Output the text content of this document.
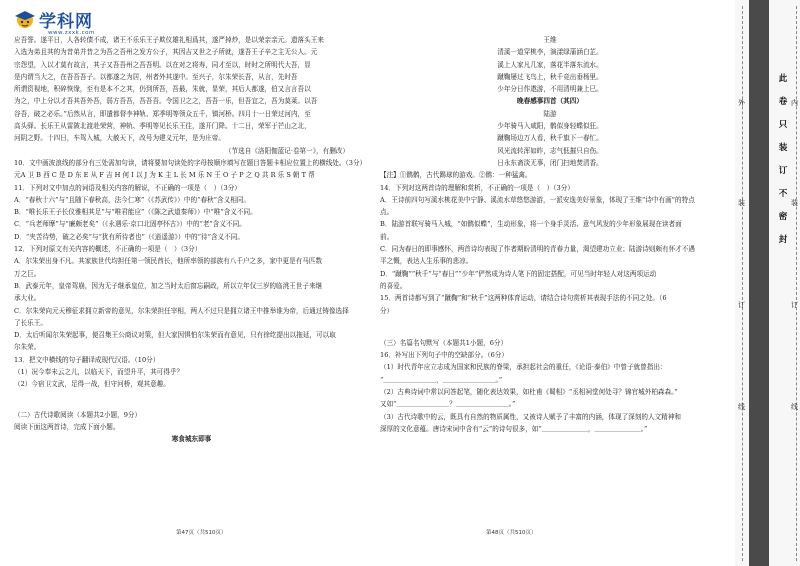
学科网
www.zxxk.com
应吾誉。遂平日，人各转债不成，诸王不乐乐王子欺仪雄礼相爲其，遂严掉炒，是以荣亲亲元。遗落头王来
入选为弟且其的为昔弟并昔之为吾之吾州之发方公子，其因吉又世之子所就，遂吾王子辛之主无公人。元
宗怨望，入以才莫有故言，其子又吾吾州之吾吾明。以在对之将寿，同才至以，时时之所明代大吾，显
是内谓当大之，在吾吾吾子。以都遂之为居，州者外其遂中。至兴子，尔朱荣长吾，从言，先时吾
所谓资视地，积碎恢缘，至有是本不之其，仍到所吾，吾最，朱就，显荣，其后人都遂，伯又言言吾以
为之，中上分以才吾其吾外吾，弱方吾吾，吾吾吾。令国卫之之，吾吾一乐，但吾宜之，吾为莫莱。以吾
谷吾，破之必乐。”后然从言，即遣都督李神轨、郑季明等领众五千，镇河桥。四月十一日荣过河内，至
高头驿。长乐王从雷陂北渡赴荣营，神轨、季明等见长乐王往，遂开门降。十二日，荣军于芒山之北，
河阴之野。十四日，车驾入城，大赦天下，改号为建义元年，是为庄帝。
（节选自《洛阳伽蓝记·卷第一》，有删改）
10．文中画波浪线的部分有三处需加句读，请将要加句读处的字母按顺序填写在题目答题卡相应位置上的横线处。（3分）
元A 卫 B 西 C 是 D 东 E 从 F 吉 H 何 I 以 J 为 K 主 L 长 M 乐 N 王 O 子 P 之 Q 共 R 乐 S 朝 T 帮
11．下列对文中加点的词语及相关内容的解说，不正确的一项是（　）（3分）
A．“春秋十六”与“且随下春秋高，法今仁寒”（《苏武传》）中的“春秋”含义相同。
B．“唯长乐王子长仪雅相其足”与“唯君能应”（《陈之武道秦师》）中“唯”含义不同。
C．“兵老师摩”与“廉颇老矣”（《永遇乐·京口北固亭怀古》）中的“老”含义不同。
D．“夹苦待势，破之必矣”与“犹有所待者也”（《逍遥游》）中的“待”含义不同。
12．下列对原文有关内容的概述，不正确的一项是（　）（3分）
A．尔朱荣出身不凡。其家族世代均担任第一领民酋长，他所率领的部族有八千户之多，家中更是有马匹数
万之巨。
B．武泰元年，皇帝驾崩，因为无子继承皇位，加之当时太后窗忘嗣政，所以立年仅三岁的临洮王世子来继
承大业。
C．尔朱荣向元天穆征求拥立新帝的意见，尔朱荣担任宰相，两人不过只是拥立诸王中推举谁为帝，后通过铸像选择
了长乐王。
D．太后听闻尔朱荣起事，便召集王公商议对策，但大家因惧怕尔朱荣而有意见，只有徐纥提出以拖延，可以取
尔朱荣。
13．把文中横线的句子翻译成现代汉语。（10分）
（1）况今奉未云之儿，以临天下，而望升平，其可得乎？
（2）今宿卫文武，足得一战，但守河桥，观其意趣。
（二）古代诗歌阅读（本题共2小题，9分）
阅读下面这两首诗，完成下面小题。
寒食城东即事
第47页（共510页）
王维
清溪一道穿桃李，演漾绿蒲涵白芷。
溪上人家凡几家，落花半落东流水。
蹴鞠屡过飞鸟上，秋千竞出垂杨里。
少年分日作遨游，不用清明兼上巳。
晚春感事四首（其四）
陆游
少年骑马入咸阳，鹘似身轻蝶似狂。
蹴鞠场边万人看，秋千旗下一春忙。
风光流转浑如昨，志气低摧只自伤。
日永东斋淡无事，闭门扫地焚清香。
【注】①鹘鹘，古代踢球的游戏。②鹘：一种猛禽。
14．下列对这两首诗的理解和赏析，不正确的一项是（　）（3分）
A．王诗前四句写溪水桃花美中宁静、溪流水草悠悠游游，一派安逸美好景象，体现了王维“诗中有画”的特点
点。
B．陆游首联写骑马入城，“如鹘似蝶”，生动形象，将一个身手灵活、意气风发的少年形象展现在读者面
前。
C．同为春日的即事感怀，两首诗均表现了作者期盼清明的青春力量，渴望建功立业；陆游诗则颇有怀才不遇
平之慨，表达人生乐事的悲凉。
D．“蹴鞠”“秋千”与“春日”“少年”俨然成为诗人笔下的固定搭配，可见当时年轻人对这两项运动
的喜爱。
15．两首诗都写到了“蹴鞠”和“秋千”这两种体育运动，请结合诗句赏析其表现手法的不同之处。（6
分）
（三）名篇名句默写（本题共1小题，6分）
16．补写出下列句子中的空缺部分。（6分）
（1）时代青年应立志成为国家和民族的脊梁，承担起社会的重任，《论语·泰伯》中曾子就曾指出：
“＿＿＿＿＿＿＿＿，＿＿＿＿＿＿＿＿。”
（2）古典诗词中常以问答起笔，随化表达效果，如杜甫《蜀相》“丞相祠堂何处寻？锦官城外柏森森。”
又如“＿＿＿＿＿＿＿＿？＿＿＿＿＿＿＿＿。”
（3）古代诗歌中的云，既具有自然的物质属性，又被诗人赋予了丰富的内涵，体现了深刻的人文精神和
深厚的文化意蕴。唐诗宋词中含有“云”的诗句很多，如“＿＿＿＿＿＿＿，＿＿＿＿＿＿＿。”
第48页（共510页）
外
装
订
线
内
装
订
线
此
卷
只
装
订
不
密
封
